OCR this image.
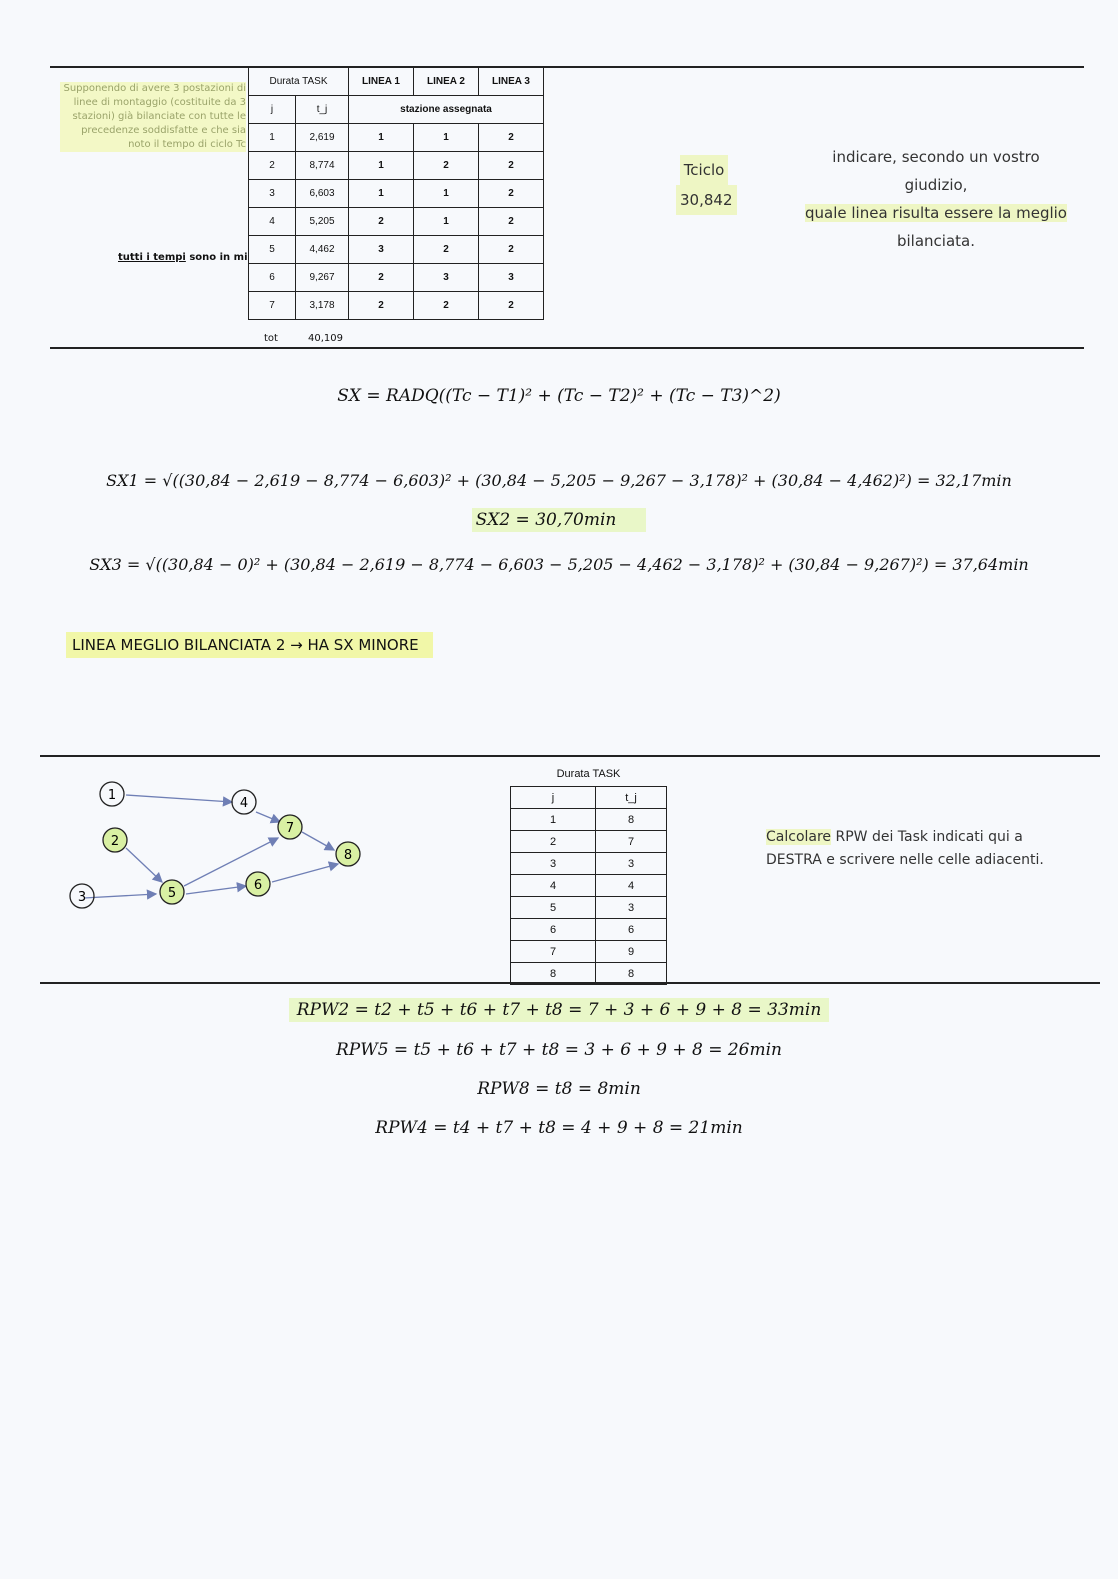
Supponendo di avere 3 postazioni di linee di montaggio (costituite da 3 stazioni) già bilanciate con tutte le precedenze soddisfatte e che sia noto il tempo di ciclo Tc
tutti i tempi sono in mi
Durata TASK		LINEA 1	LINEA 2	LINEA 3
j	t_j	stazione assegnata		
1	2,619	1	1	2
2	8,774	1	2	2
3	6,603	1	1	2
4	5,205	2	1	2
5	4,462	3	2	2
6	9,267	2	3	3
7	3,178	2	2	2
tot	40,109
Tciclo
30,842
indicare, secondo un vostro giudizio,
quale linea risulta essere la meglio
bilanciata.
SX = RADQ((Tc − T1)² + (Tc − T2)² + (Tc − T3)^2)
SX1 = √((30,84 − 2,619 − 8,774 − 6,603)² + (30,84 − 5,205 − 9,267 − 3,178)² + (30,84 − 4,462)²) = 32,17min
SX2 = 30,70min
SX3 = √((30,84 − 0)² + (30,84 − 2,619 − 8,774 − 6,603 − 5,205 − 4,462 − 3,178)² + (30,84 − 9,267)²) = 37,64min
LINEA MEGLIO BILANCIATA 2 → HA SX MINORE
1
2
3
4
5
6
7
8
Durata TASK	
j	t_j
1	8
2	7
3	3
4	4
5	3
6	6
7	9
8	8
Calcolare RPW dei Task indicati qui a
DESTRA e scrivere nelle celle adiacenti.
RPW2 = t2 + t5 + t6 + t7 + t8 = 7 + 3 + 6 + 9 + 8 = 33min
RPW5 = t5 + t6 + t7 + t8 = 3 + 6 + 9 + 8 = 26min
RPW8 = t8 = 8min
RPW4 = t4 + t7 + t8 = 4 + 9 + 8 = 21min
